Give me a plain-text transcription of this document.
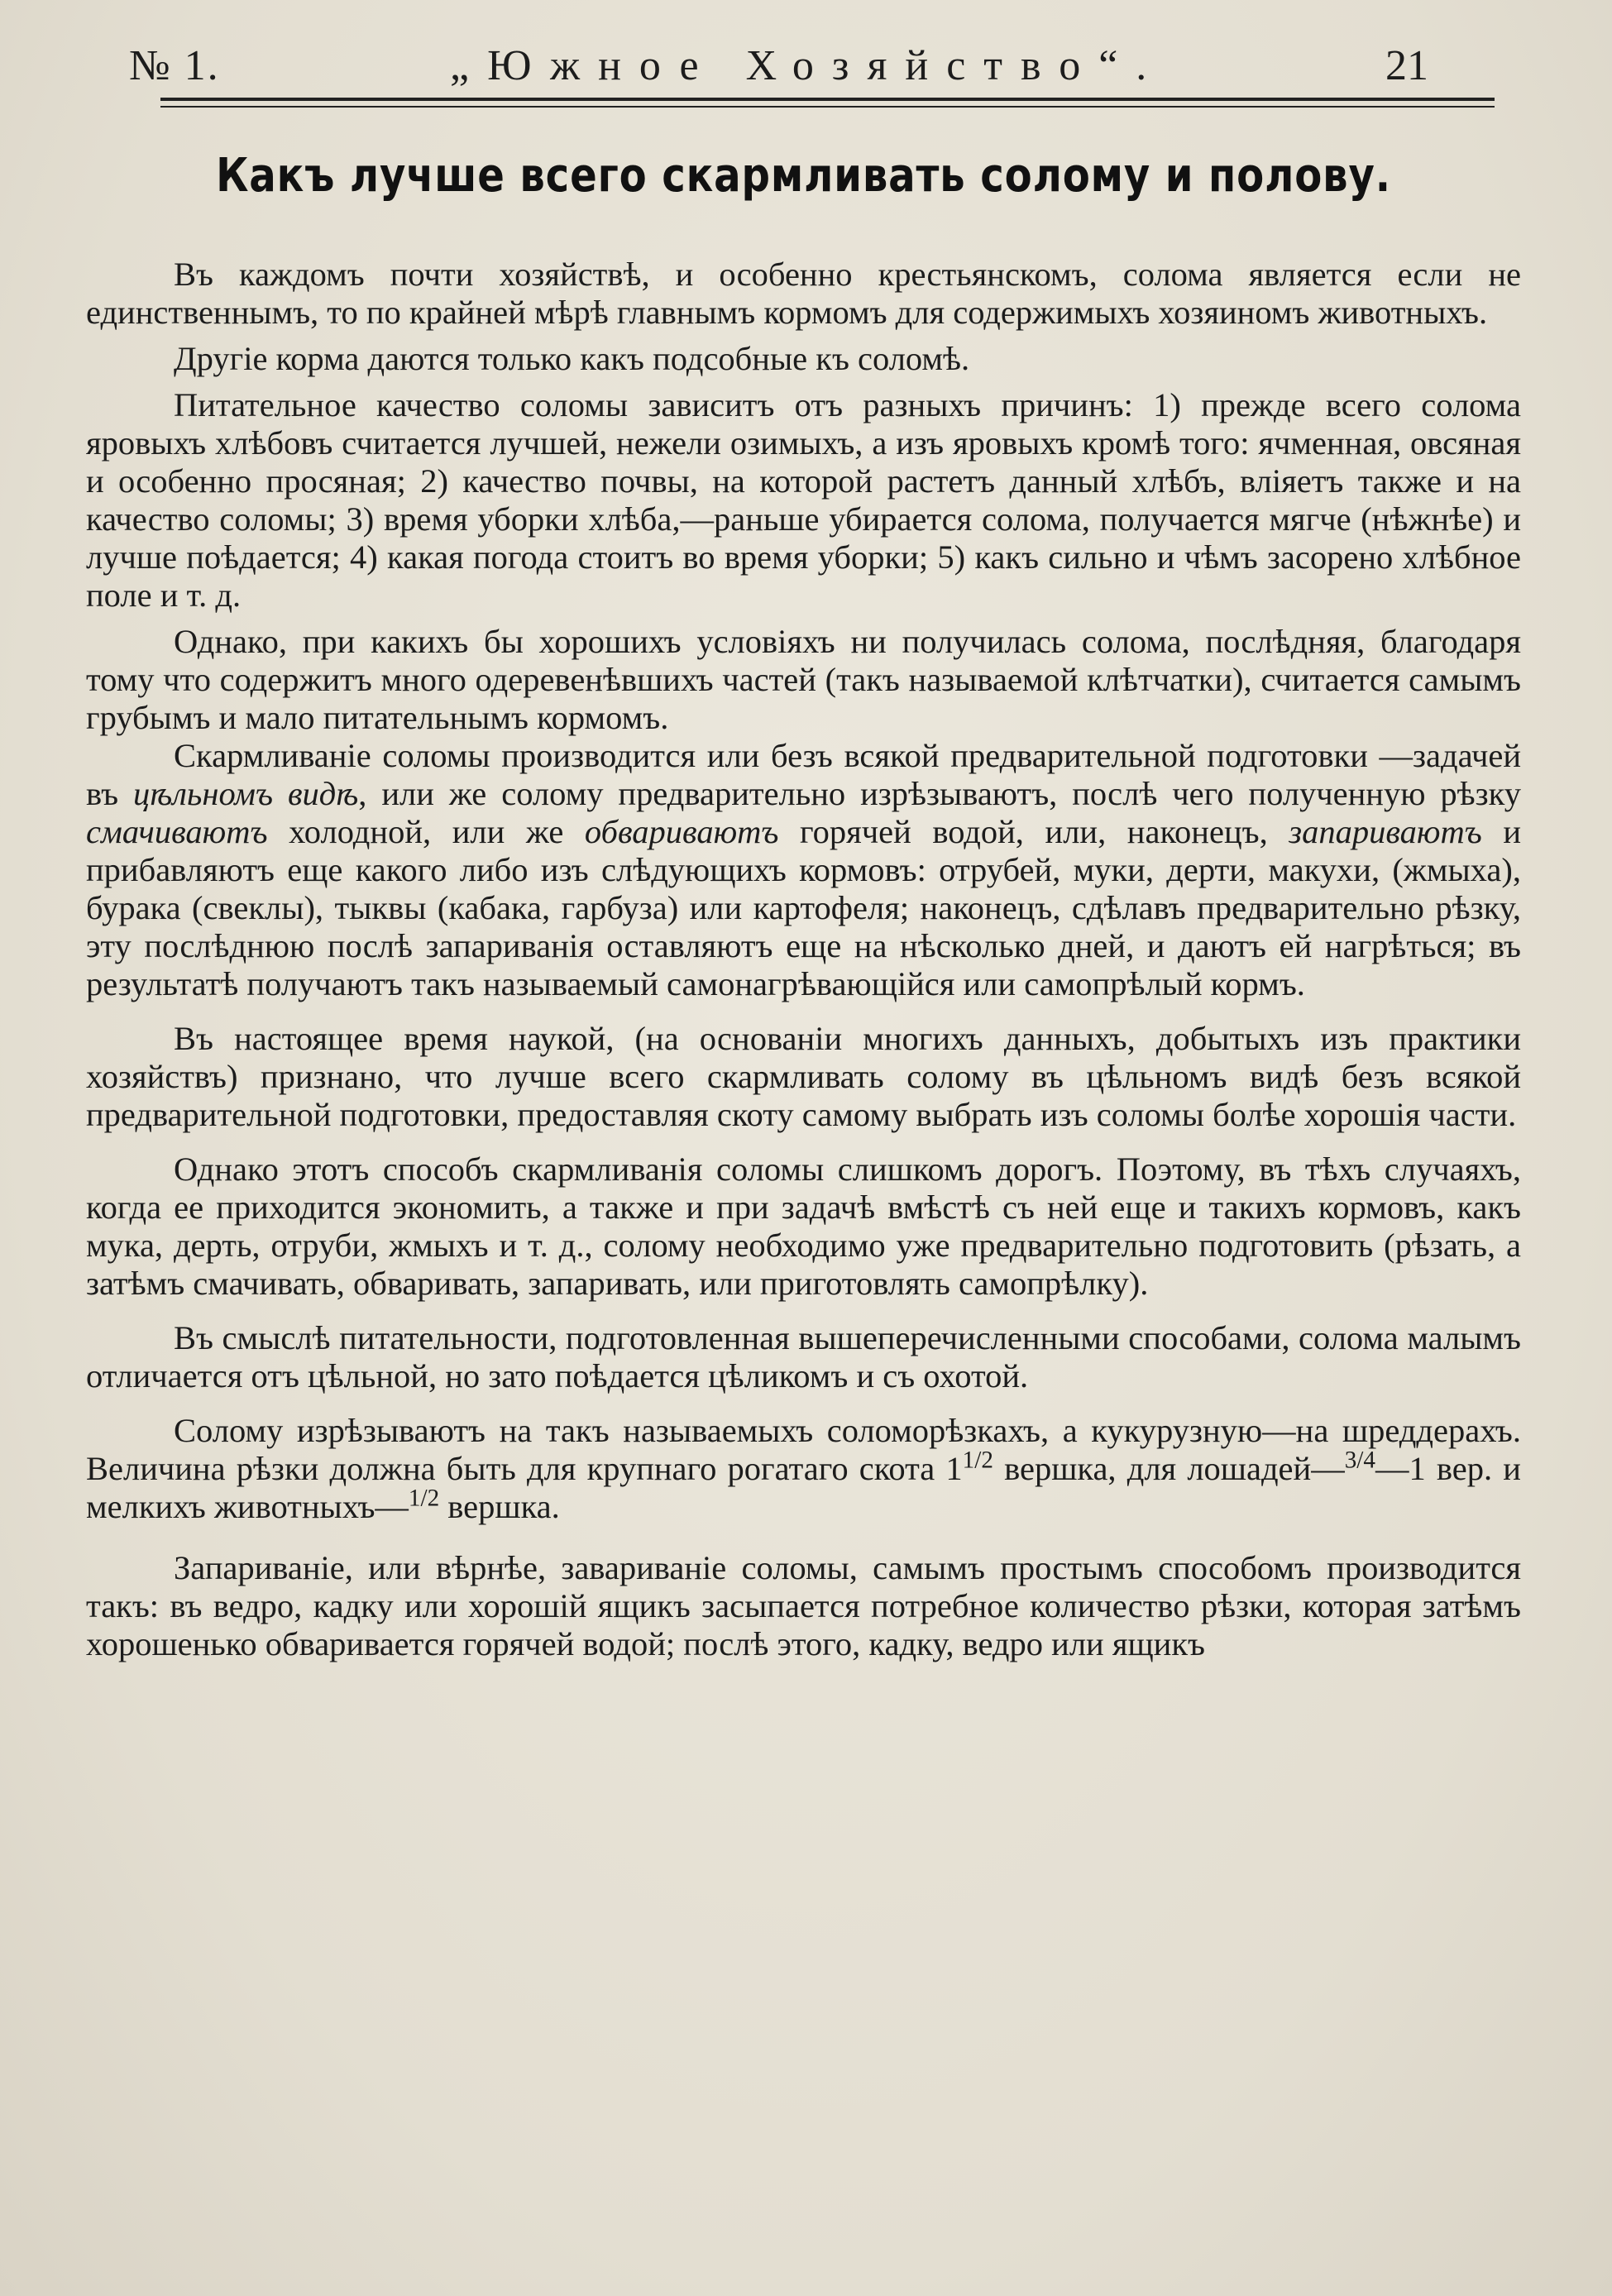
№ 1.	„Южное Хозяйство“.	21
Какъ лучше всего скармливать солому и полову.

Въ каждомъ почти хозяйствѣ, и особенно крестьянскомъ, солома является если не единственнымъ, то по крайней мѣрѣ главнымъ кормомъ для содержимыхъ хозяиномъ животныхъ.

Другiе корма даются только какъ подсобные къ соломѣ.

Питательное качество соломы зависитъ отъ разныхъ причинъ: 1) прежде всего солома яровыхъ хлѣбовъ считается лучшей, нежели озимыхъ, а изъ яровыхъ кромѣ того: ячменная, овсяная и особенно просяная; 2) качество почвы, на которой растетъ данный хлѣбъ, влiяетъ также и на качество соломы; 3) время уборки хлѣба,—раньше убирается солома, получается мягче (нѣжнѣе) и лучше поѣдается; 4) какая погода стоитъ во время уборки; 5) какъ сильно и чѣмъ засорено хлѣбное поле и т. д.

Однако, при какихъ бы хорошихъ условiяхъ ни получилась солома, послѣдняя, благодаря тому что содержитъ много одеревенѣвшихъ частей (такъ называемой клѣтчатки), считается самымъ грубымъ и мало питательнымъ кормомъ.

Скармливанiе соломы производится или безъ всякой предварительной подготовки —задачей въ цѣльномъ видѣ, или же солому предварительно изрѣзываютъ, послѣ чего полученную рѣзку смачиваютъ холодной, или же обвариваютъ горячей водой, или, наконецъ, запариваютъ и прибавляютъ еще какого либо изъ слѣдующихъ кормовъ: отрубей, муки, дерти, макухи, (жмыха), бурака (свеклы), тыквы (кабака, гарбуза) или картофеля; наконецъ, сдѣлавъ предварительно рѣзку, эту послѣднюю послѣ запариванiя оставляютъ еще на нѣсколько дней, и даютъ ей нагрѣться; въ результатѣ получаютъ такъ называемый самонагрѣвающiйся или самопрѣлый кормъ.

Въ настоящее время наукой, (на основанiи многихъ данныхъ, добытыхъ изъ практики хозяйствъ) признано, что лучше всего скармливать солому въ цѣльномъ видѣ безъ всякой предварительной подготовки, предоставляя скоту самому выбрать изъ соломы болѣе хорошiя части.

Однако этотъ способъ скармливанiя соломы слишкомъ дорогъ. Поэтому, въ тѣхъ случаяхъ, когда ее приходится экономить, а также и при задачѣ вмѣстѣ съ ней еще и такихъ кормовъ, какъ мука, дерть, отруби, жмыхъ и т. д., солому необходимо уже предварительно подготовить (рѣзать, а затѣмъ смачивать, обваривать, запаривать, или приготовлять самопрѣлку).

Въ смыслѣ питательности, подготовленная вышеперечисленными способами, солома малымъ отличается отъ цѣльной, но зато поѣдается цѣликомъ и съ охотой.

Солому изрѣзываютъ на такъ называемыхъ соломорѣзкахъ, а кукурузную—на шреддерахъ. Величина рѣзки должна быть для крупнаго рогатаго скота $1^{1/2}$ вершка, для лошадей—$^{3/4}$—1 вер. и мелкихъ животныхъ—$^{1/2}$ вершка.

Запариванiе, или вѣрнѣе, завариванiе соломы, самымъ простымъ способомъ производится такъ: въ ведро, кадку или хорошiй ящикъ засыпается потребное количество рѣзки, которая затѣмъ хорошенько обваривается горячей водой; послѣ этого, кадку, ведро или ящикъ
